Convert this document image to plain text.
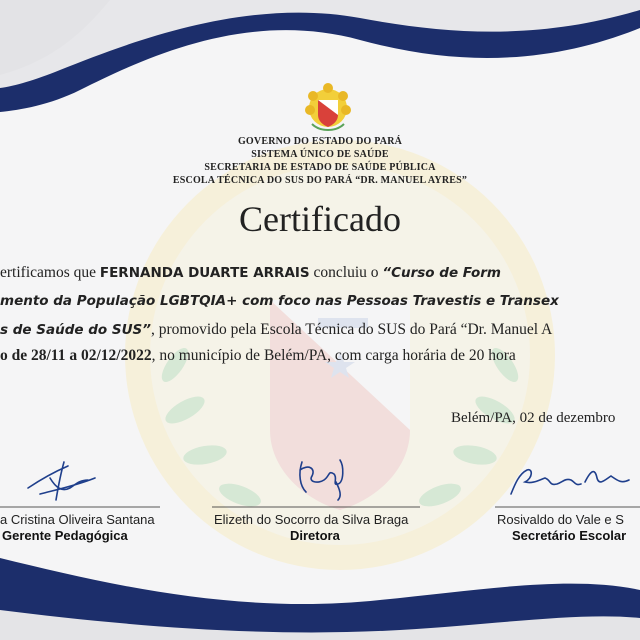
GOVERNO DO ESTADO DO PARÁ
SISTEMA ÚNICO DE SAÚDE
SECRETARIA DE ESTADO DE SAÚDE PÚBLICA
ESCOLA TÉCNICA DO SUS DO PARÁ “DR. MANUEL AYRES”
Certificado
ertificamos que FERNANDA DUARTE ARRAIS concluiu o “Curso de Form
mento da População LGBTQIA+ com foco nas Pessoas Travestis e Transex
s de Saúde do SUS”, promovido pela Escola Técnica do SUS do Pará “Dr. Manuel A
o de 28/11 a 02/12/2022, no município de Belém/PA, com carga horária de 20 hora
Belém/PA, 02 de dezembro
a Cristina Oliveira Santana
Gerente Pedagógica
Elizeth do Socorro da Silva Braga
Diretora
Rosivaldo do Vale e S
Secretário Escolar
